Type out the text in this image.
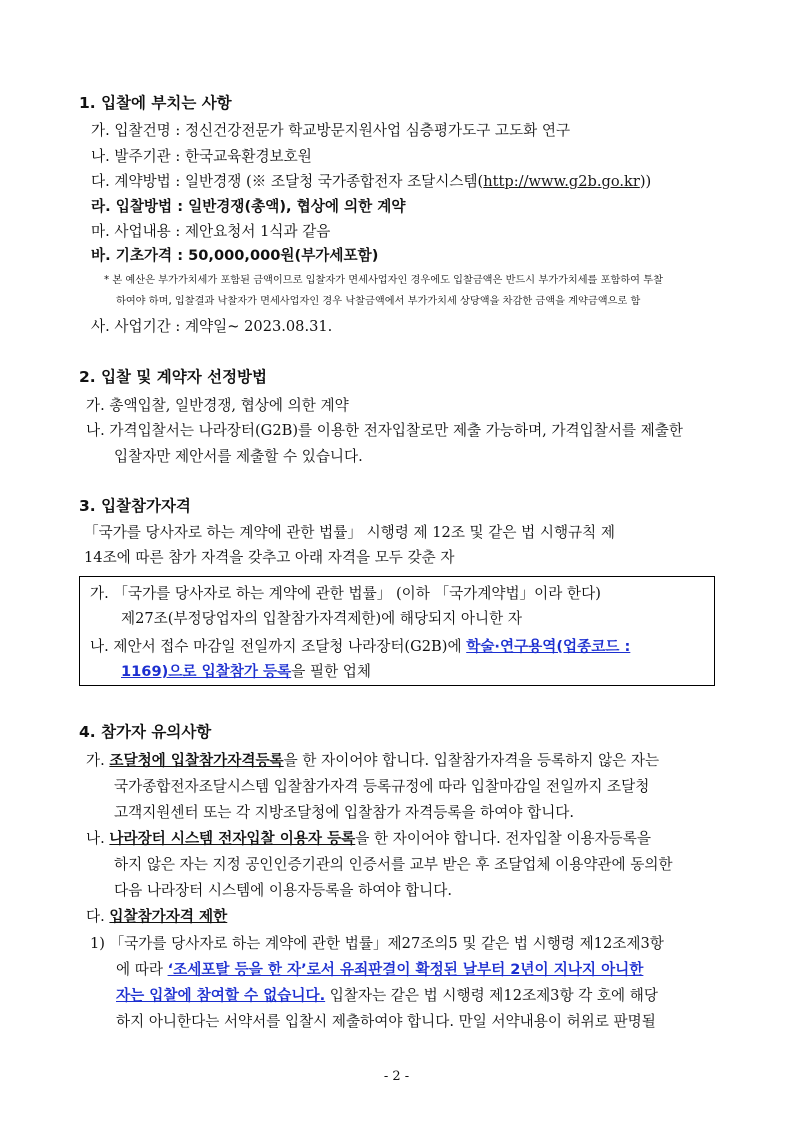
1. 입찰에 부치는 사항
가. 입찰건명 : 정신건강전문가 학교방문지원사업 심층평가도구 고도화 연구
나. 발주기관 : 한국교육환경보호원
다. 계약방법 : 일반경쟁 (※ 조달청 국가종합전자 조달시스템(http://www.g2b.go.kr))
라. 입찰방법 : 일반경쟁(총액), 협상에 의한 계약
마. 사업내용 : 제안요청서 1식과 같음
바. 기초가격 : 50,000,000원(부가세포함)
* 본 예산은 부가가치세가 포함된 금액이므로 입찰자가 면세사업자인 경우에도 입찰금액은 반드시 부가가치세를 포함하여 투찰
하여야 하며, 입찰결과 낙찰자가 면세사업자인 경우 낙찰금액에서 부가가치세 상당액을 차감한 금액을 계약금액으로 함
사. 사업기간 : 계약일~ 2023.08.31.
2. 입찰 및 계약자 선정방법
가. 총액입찰, 일반경쟁, 협상에 의한 계약
나. 가격입찰서는 나라장터(G2B)를 이용한 전자입찰로만 제출 가능하며, 가격입찰서를 제출한
입찰자만 제안서를 제출할 수 있습니다.
3. 입찰참가자격
「국가를 당사자로 하는 계약에 관한 법률」 시행령 제 12조 및 같은 법 시행규칙 제
14조에 따른 참가 자격을 갖추고 아래 자격을 모두 갖춘 자
가. 「국가를 당사자로 하는 계약에 관한 법률」 (이하 「국가계약법」이라 한다)
제27조(부정당업자의 입찰참가자격제한)에 해당되지 아니한 자
나. 제안서 접수 마감일 전일까지 조달청 나라장터(G2B)에 학술·연구용역(업종코드 :
1169)으로 입찰참가 등록을 필한 업체
4. 참가자 유의사항
가. 조달청에 입찰참가자격등록을 한 자이어야 합니다. 입찰참가자격을 등록하지 않은 자는
국가종합전자조달시스템 입찰참가자격 등록규정에 따라 입찰마감일 전일까지 조달청
고객지원센터 또는 각 지방조달청에 입찰참가 자격등록을 하여야 합니다.
나. 나라장터 시스템 전자입찰 이용자 등록을 한 자이어야 합니다. 전자입찰 이용자등록을
하지 않은 자는 지정 공인인증기관의 인증서를 교부 받은 후 조달업체 이용약관에 동의한
다음 나라장터 시스템에 이용자등록을 하여야 합니다.
다. 입찰참가자격 제한
1) 「국가를 당사자로 하는 계약에 관한 법률」제27조의5 및 같은 법 시행령 제12조제3항
에 따라 ‘조세포탈 등을 한 자’로서 유죄판결이 확정된 날부터 2년이 지나지 아니한
자는 입찰에 참여할 수 없습니다. 입찰자는 같은 법 시행령 제12조제3항 각 호에 해당
하지 아니한다는 서약서를 입찰시 제출하여야 합니다. 만일 서약내용이 허위로 판명될
- 2 -
